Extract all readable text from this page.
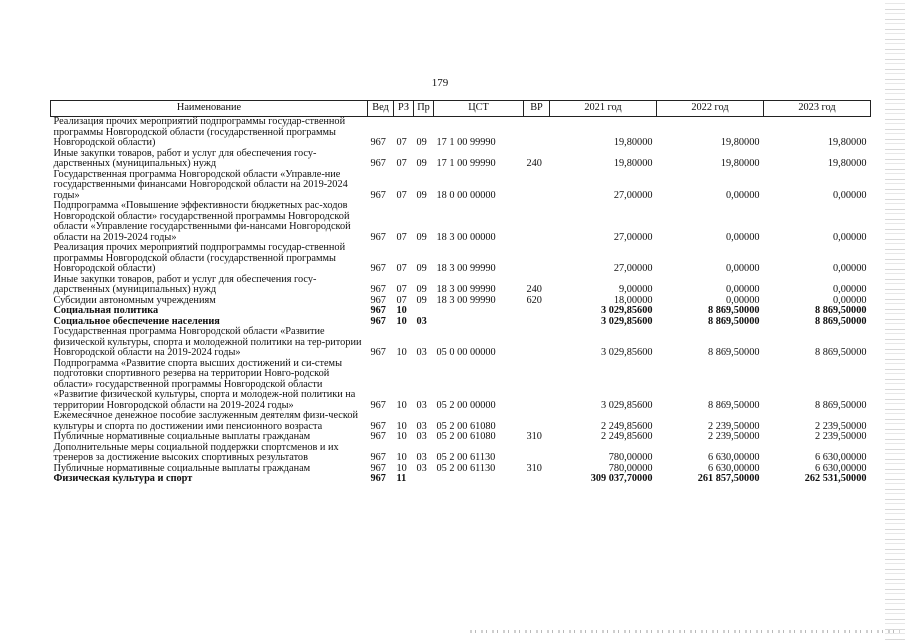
179
Наименование	Вед	РЗ	Пр	ЦСТ	ВР	2021 год	2022 год	2023 год
Реализация прочих мероприятий подпрограммы государ-ственной программы Новгородской области (государственной программы Новгородской области)	967	07	09	17 1 00 99990		19,80000	19,80000	19,80000
Иные закупки товаров, работ и услуг для обеспечения госу-дарственных (муниципальных) нужд	967	07	09	17 1 00 99990	240	19,80000	19,80000	19,80000
Государственная программа Новгородской области «Управле-ние государственными финансами Новгородской области на 2019-2024 годы»	967	07	09	18 0 00 00000		27,00000	0,00000	0,00000
Подпрограмма «Повышение эффективности бюджетных рас-ходов Новгородской области» государственной программы Новгородской области «Управление государственными фи-нансами Новгородской области на 2019-2024 годы»	967	07	09	18 3 00 00000		27,00000	0,00000	0,00000
Реализация прочих мероприятий подпрограммы государ-ственной программы Новгородской области (государственной программы Новгородской области)	967	07	09	18 3 00 99990		27,00000	0,00000	0,00000
Иные закупки товаров, работ и услуг для обеспечения госу-дарственных (муниципальных) нужд	967	07	09	18 3 00 99990	240	9,00000	0,00000	0,00000
Субсидии автономным учреждениям	967	07	09	18 3 00 99990	620	18,00000	0,00000	0,00000
Социальная политика	967	10				3 029,85600	8 869,50000	8 869,50000
Социальное обеспечение населения	967	10	03			3 029,85600	8 869,50000	8 869,50000
Государственная программа Новгородской области «Развитие физической культуры, спорта и молодежной политики на тер-ритории Новгородской области на 2019-2024 годы»	967	10	03	05 0 00 00000		3 029,85600	8 869,50000	8 869,50000
Подпрограмма «Развитие спорта высших достижений и си-стемы подготовки спортивного резерва на территории Новго-родской области» государственной программы Новгородской области «Развитие физической культуры, спорта и молодеж-ной политики на территории Новгородской области на 2019-2024 годы»	967	10	03	05 2 00 00000		3 029,85600	8 869,50000	8 869,50000
Ежемесячное денежное пособие заслуженным деятелям физи-ческой культуры и спорта по достижении ими пенсионного возраста	967	10	03	05 2 00 61080		2 249,85600	2 239,50000	2 239,50000
Публичные нормативные социальные выплаты гражданам	967	10	03	05 2 00 61080	310	2 249,85600	2 239,50000	2 239,50000
Дополнительные меры социальной поддержки спортсменов и их тренеров за достижение высоких спортивных результатов	967	10	03	05 2 00 61130		780,00000	6 630,00000	6 630,00000
Публичные нормативные социальные выплаты гражданам	967	10	03	05 2 00 61130	310	780,00000	6 630,00000	6 630,00000
Физическая культура и спорт	967	11				309 037,70000	261 857,50000	262 531,50000
